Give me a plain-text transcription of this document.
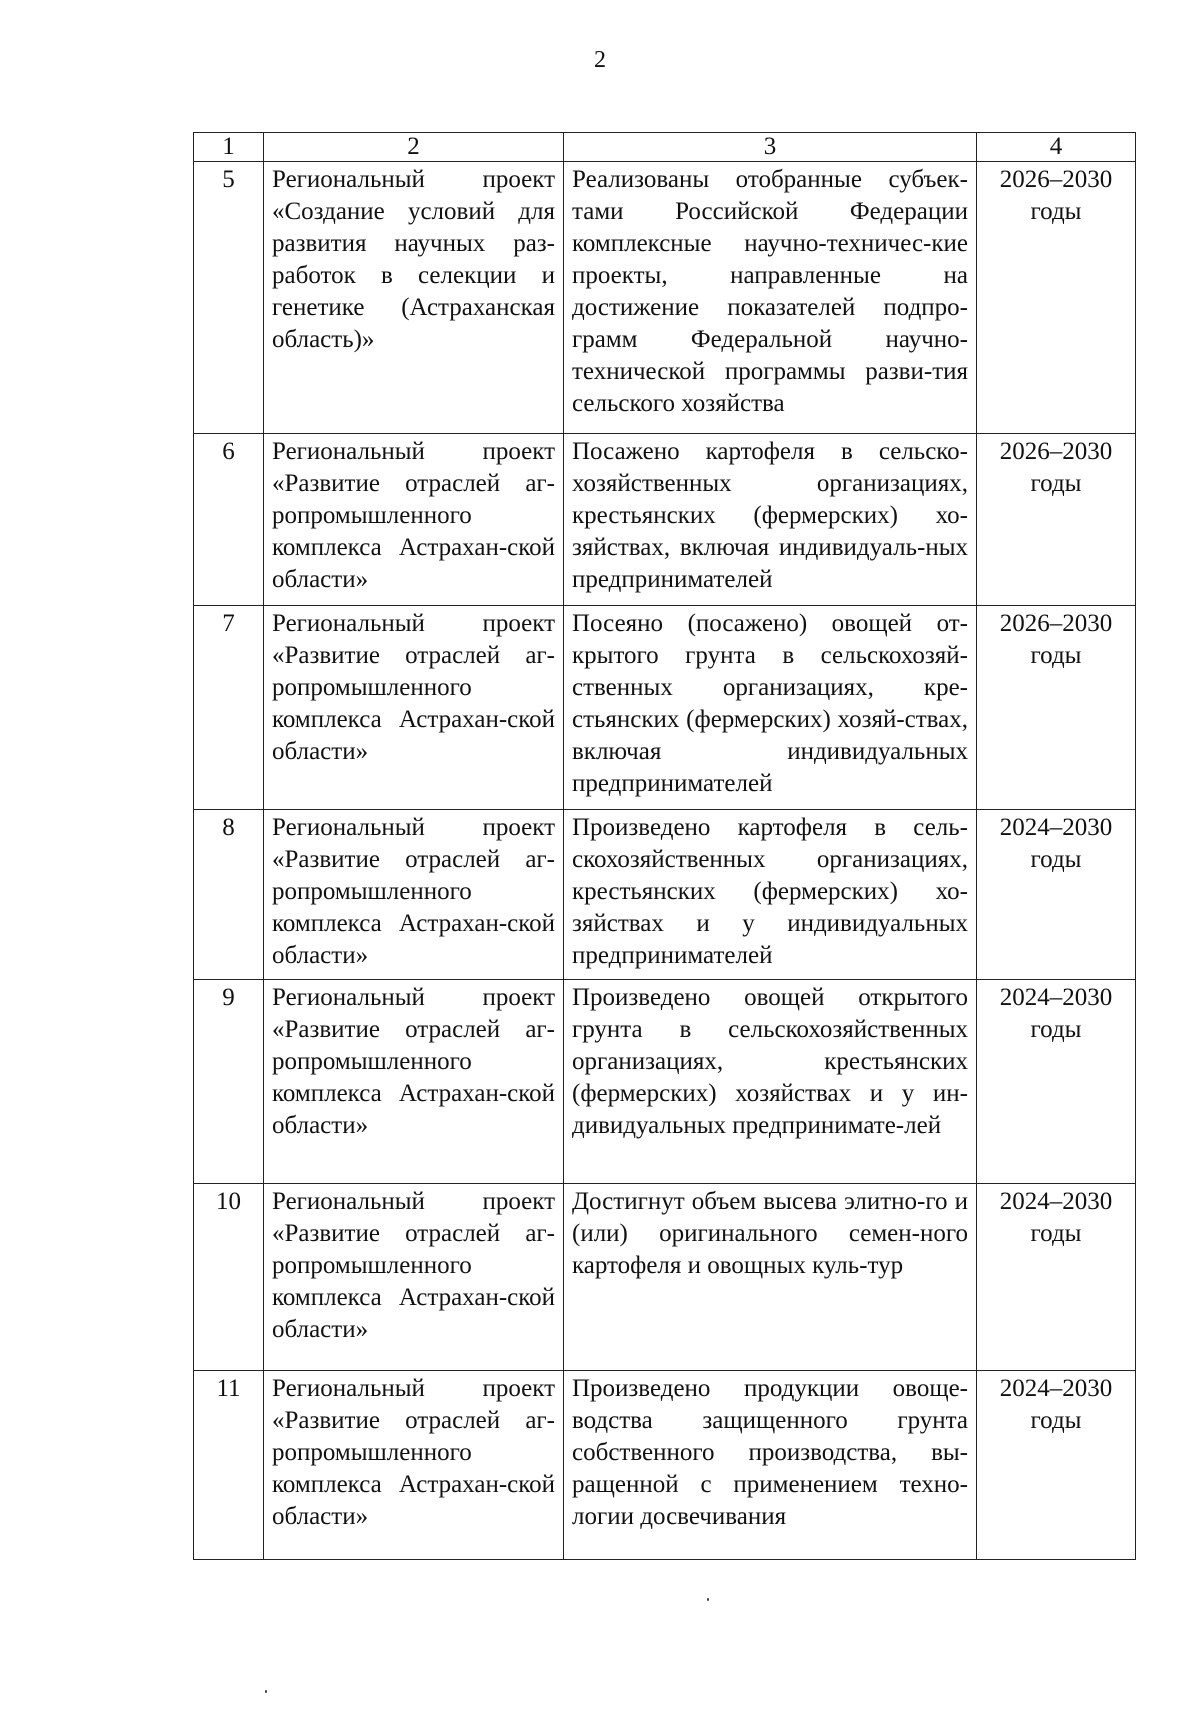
2
1	2	3	4
5	Региональный проект «Создание условий для развития научных раз-работок в селекции и генетике (Астраханская область)»	Реализованы отобранные субъек-тами Российской Федерации комплексные научно-техничес-кие проекты, направленные на достижение показателей подпро-грамм Федеральной научно-технической программы разви-тия сельского хозяйства	2026–2030
годы
6	Региональный проект «Развитие отраслей аг-ропромышленного комплекса Астрахан-ской области»	Посажено картофеля в сельско-хозяйственных организациях, крестьянских (фермерских) хо-зяйствах, включая индивидуаль-ных предпринимателей	2026–2030
годы
7	Региональный проект «Развитие отраслей аг-ропромышленного комплекса Астрахан-ской области»	Посеяно (посажено) овощей от-крытого грунта в сельскохозяй-ственных организациях, кре-стьянских (фермерских) хозяй-ствах, включая индивидуальных предпринимателей	2026–2030
годы
8	Региональный проект «Развитие отраслей аг-ропромышленного комплекса Астрахан-ской области»	Произведено картофеля в сель-скохозяйственных организациях, крестьянских (фермерских) хо-зяйствах и у индивидуальных предпринимателей	2024–2030
годы
9	Региональный проект «Развитие отраслей аг-ропромышленного комплекса Астрахан-ской области»	Произведено овощей открытого грунта в сельскохозяйственных организациях, крестьянских (фермерских) хозяйствах и у ин-дивидуальных предпринимате-лей	2024–2030
годы
10	Региональный проект «Развитие отраслей аг-ропромышленного комплекса Астрахан-ской области»	Достигнут объем высева элитно-го и (или) оригинального семен-ного картофеля и овощных куль-тур	2024–2030
годы
11	Региональный проект «Развитие отраслей аг-ропромышленного комплекса Астрахан-ской области»	Произведено продукции овоще-водства защищенного грунта собственного производства, вы-ращенной с применением техно-логии досвечивания	2024–2030
годы
